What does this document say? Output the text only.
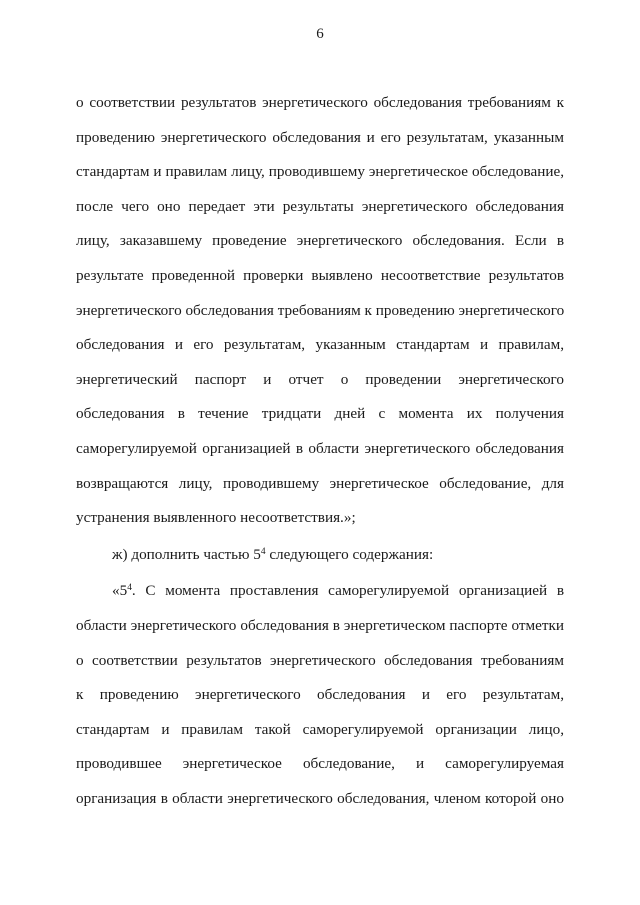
6
о соответствии результатов энергетического обследования требованиям к
проведению энергетического обследования и его результатам, указанным
стандартам и правилам лицу, проводившему энергетическое обследование,
после чего оно передает эти результаты энергетического обследования
лицу, заказавшему проведение энергетического обследования. Если в
результате проведенной проверки выявлено несоответствие результатов
энергетического обследования требованиям к проведению энергетического
обследования и его результатам, указанным стандартам и правилам,
энергетический паспорт и отчет о проведении энергетического
обследования в течение тридцати дней с момента их получения
саморегулируемой организацией в области энергетического обследования
возвращаются лицу, проводившему энергетическое обследование, для
устранения выявленного несоответствия.»;
ж) дополнить частью $5^4$ следующего содержания:
«$5^4$. С момента проставления саморегулируемой организацией в
области энергетического обследования в энергетическом паспорте отметки
о соответствии результатов энергетического обследования требованиям
к проведению энергетического обследования и его результатам,
стандартам и правилам такой саморегулируемой организации лицо,
проводившее энергетическое обследование, и саморегулируемая
организация в области энергетического обследования, членом которой оно
